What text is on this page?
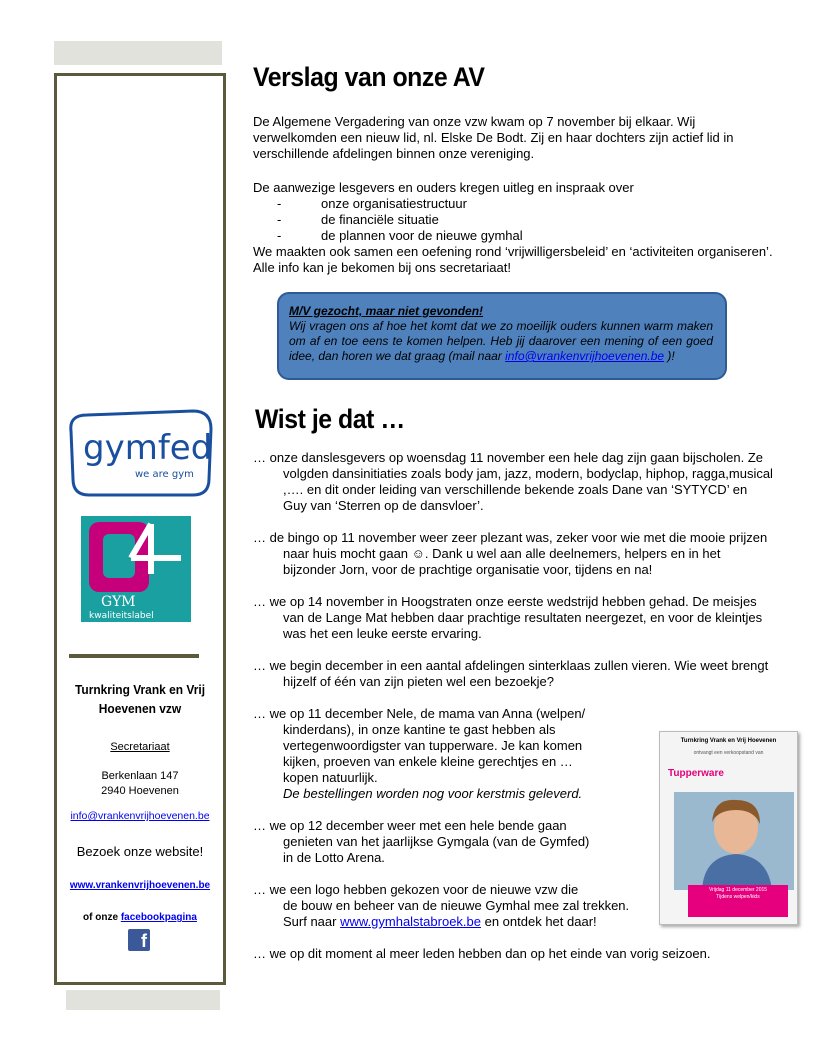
gymfed
we are gym
GYM
kwaliteitslabel
Turnkring Vrank en Vrij Hoevenen vzw
Secretariaat
Berkenlaan 147
2940 Hoevenen
info@vrankenvrijhoevenen.be
Bezoek onze website!
www.vrankenvrijhoevenen.be
of onze facebookpagina
f
Verslag van onze AV

De Algemene Vergadering van onze vzw kwam op 7 november bij elkaar. Wij verwelkomden een nieuw lid, nl. Elske De Bodt. Zij en haar dochters zijn actief lid in verschillende afdelingen binnen onze vereniging.

De aanwezige lesgevers en ouders kregen uitleg en inspraak over

-	onze organisatiestructuur
-	de financiële situatie
-	de plannen voor de nieuwe gymhal

We maakten ook samen een oefening rond ‘vrijwilligersbeleid’ en ‘activiteiten organiseren’. Alle info kan je bekomen bij ons secretariaat!

M/V gezocht, maar niet gevonden!
Wij vragen ons af hoe het komt dat we zo moeilijk ouders kunnen warm maken om af en toe eens te komen helpen. Heb jij daarover een mening of een goed idee, dan horen we dat graag (mail naar info@vrankenvrijhoevenen.be )!
Wist je dat …

… onze danslesgevers op woensdag 11 november een hele dag zijn gaan bijscholen. Ze volgden dansinitiaties zoals body jam, jazz, modern, bodyclap, hiphop, ragga,musical ,…. en dit onder leiding van verschillende bekende zoals Dane van ‘SYTYCD’ en Guy van ‘Sterren op de dansvloer’.

… de bingo op 11 november weer zeer plezant was, zeker voor wie met die mooie prijzen naar huis mocht gaan ☺. Dank u wel aan alle deelnemers, helpers en in het bijzonder Jorn, voor de prachtige organisatie voor, tijdens en na!

… we op 14 november in Hoogstraten onze eerste wedstrijd hebben gehad. De meisjes van de Lange Mat hebben daar prachtige resultaten neergezet, en voor de kleintjes was het een leuke eerste ervaring.

… we begin december in een aantal afdelingen sinterklaas zullen vieren. Wie weet brengt hijzelf of één van zijn pieten wel een bezoekje?

… we op 11 december Nele, de mama van Anna (welpen/
kinderdans), in onze kantine te gast hebben als
vertegenwoordigster van tupperware. Je kan komen
kijken, proeven van enkele kleine gerechtjes en …
kopen natuurlijk.
De bestellingen worden nog voor kerstmis geleverd.

… we op 12 december weer met een hele bende gaan
genieten van het jaarlijkse Gymgala (van de Gymfed)
in de Lotto Arena.

… we een logo hebben gekozen voor de nieuwe vzw die
de bouw en beheer van de nieuwe Gymhal mee zal trekken.
Surf naar www.gymhalstabroek.be en ontdek het daar!

… we op dit moment al meer leden hebben dan op het einde van vorig seizoen.

Turnkring Vrank en Vrij Hoevenen
ontvangt een verkoopstand van
Tupperware
Vrijdag 11 december 2015
Tijdens welpen/kids
